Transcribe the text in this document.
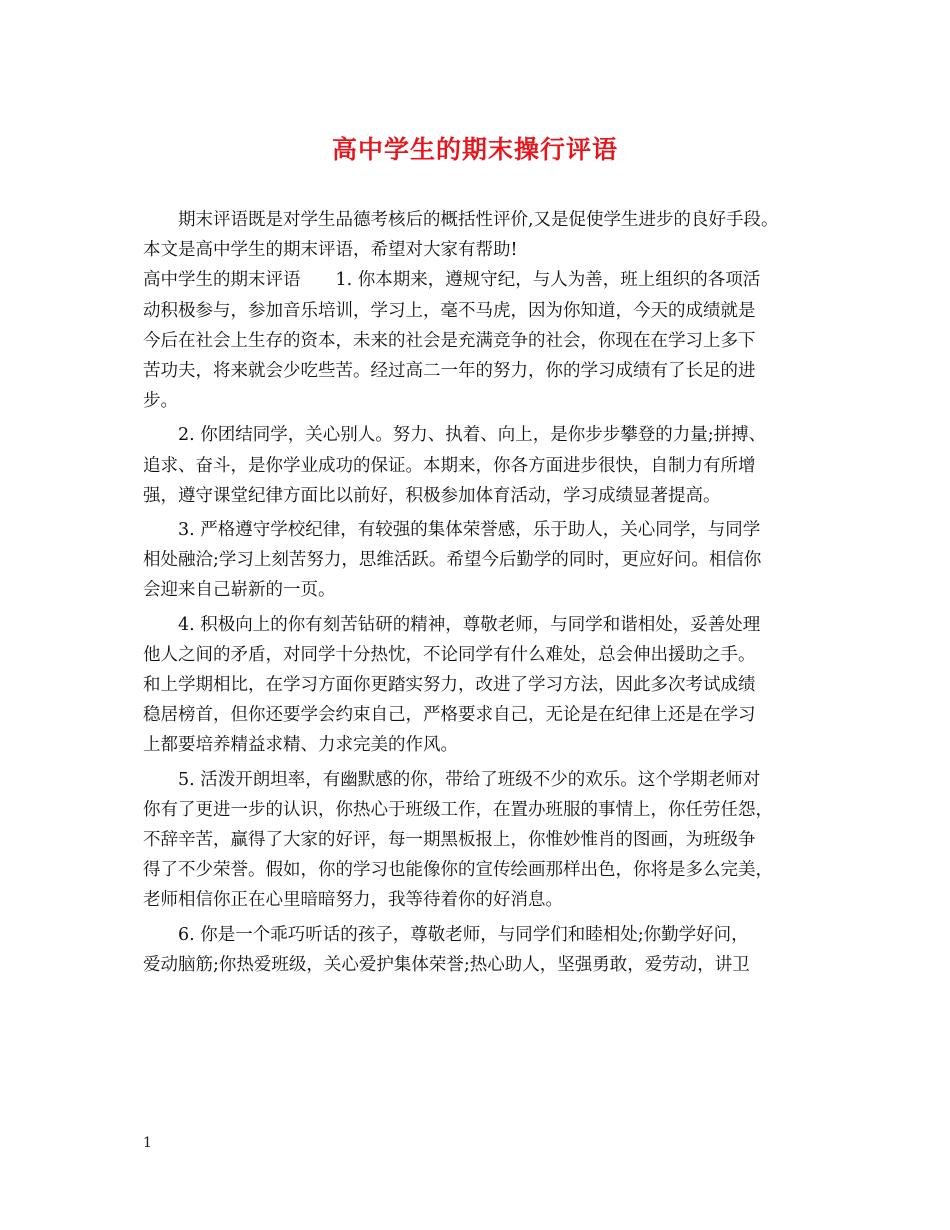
高中学生的期末操行评语
期末评语既是对学生品德考核后的概括性评价,又是促使学生进步的良好手段。
本文是高中学生的期末评语，希望对大家有帮助!
高中学生的期末评语　　1. 你本期来，遵规守纪，与人为善，班上组织的各项活
动积极参与，参加音乐培训，学习上，毫不马虎，因为你知道，今天的成绩就是
今后在社会上生存的资本，未来的社会是充满竞争的社会，你现在在学习上多下
苦功夫，将来就会少吃些苦。经过高二一年的努力，你的学习成绩有了长足的进
步。
2. 你团结同学，关心别人。努力、执着、向上，是你步步攀登的力量;拼搏、
追求、奋斗，是你学业成功的保证。本期来，你各方面进步很快，自制力有所增
强，遵守课堂纪律方面比以前好，积极参加体育活动，学习成绩显著提高。
3. 严格遵守学校纪律，有较强的集体荣誉感，乐于助人，关心同学，与同学
相处融洽;学习上刻苦努力，思维活跃。希望今后勤学的同时，更应好问。相信你
会迎来自己崭新的一页。
4. 积极向上的你有刻苦钻研的精神，尊敬老师，与同学和谐相处，妥善处理
他人之间的矛盾，对同学十分热忱，不论同学有什么难处，总会伸出援助之手。
和上学期相比，在学习方面你更踏实努力，改进了学习方法，因此多次考试成绩
稳居榜首，但你还要学会约束自己，严格要求自己，无论是在纪律上还是在学习
上都要培养精益求精、力求完美的作风。
5. 活泼开朗坦率，有幽默感的你，带给了班级不少的欢乐。这个学期老师对
你有了更进一步的认识，你热心于班级工作，在置办班服的事情上，你任劳任怨，
不辞辛苦，赢得了大家的好评，每一期黑板报上，你惟妙惟肖的图画，为班级争
得了不少荣誉。假如，你的学习也能像你的宣传绘画那样出色，你将是多么完美，
老师相信你正在心里暗暗努力，我等待着你的好消息。
6. 你是一个乖巧听话的孩子，尊敬老师，与同学们和睦相处;你勤学好问，
爱动脑筋;你热爱班级，关心爱护集体荣誉;热心助人，坚强勇敢，爱劳动，讲卫
1
